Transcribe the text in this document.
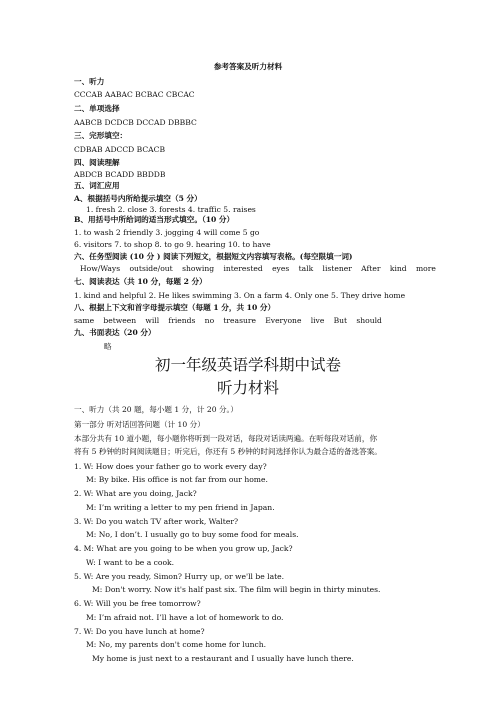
参考答案及听力材料
一、听力
CCCAB AABAC BCBAC CBCAC
二、单项选择
AABCB DCDCB DCCAD DBBBC
三、完形填空：
CDBAB ADCCD BCACB
四、阅读理解
ABDCB BCADD BBDDB
五、词汇应用
A、根据括号内所给提示填空（5 分）
1. fresh 2. close 3. forests 4. traffic 5. raises
B、用括号中所给词的适当形式填空。（10 分）
1. to wash 2 friendly 3. jogging 4 will come 5 go
6. visitors 7. to shop 8. to go 9. hearing 10. to have
六、任务型阅读 (10 分 ) 阅读下列短文，根据短文内容填写表格。(每空限填一词)
How/Ways outside/out showing interested eyes talk listener After kind more
七、阅读表达（共 10 分，每题 2 分）
1. kind and helpful 2. He likes swimming 3. On a farm 4. Only one 5. They drive home
八、根据上下文和首字母提示填空（每题 1 分，共 10 分）
same between will friends no treasure Everyone live But should
九、书面表达（20 分）
略
初一年级英语学科期中试卷
听力材料
一、听力（共 20 题，每小题 1 分，计 20 分。）
第一部分 听对话回答问题（计 10 分）
本部分共有 10 道小题，每小题你将听到一段对话，每段对话读两遍。在听每段对话前，你
将有 5 秒钟的时间阅读题目；听完后，你还有 5 秒钟的时间选择你认为最合适的备选答案。
1. W: How does your father go to work every day?
M: By bike. His office is not far from our home.
2. W: What are you doing, Jack?
M: I’m writing a letter to my pen friend in Japan.
3. W: Do you watch TV after work, Walter?
M: No, I don’t. I usually go to buy some food for meals.
4. M: What are you going to be when you grow up, Jack?
W: I want to be a cook.
5. W: Are you ready, Simon? Hurry up, or we'll be late.
M: Don't worry. Now it's half past six. The film will begin in thirty minutes.
6. W: Will you be free tomorrow?
M: I’m afraid not. I’ll have a lot of homework to do.
7. W: Do you have lunch at home?
M: No, my parents don't come home for lunch.
My home is just next to a restaurant and I usually have lunch there.
